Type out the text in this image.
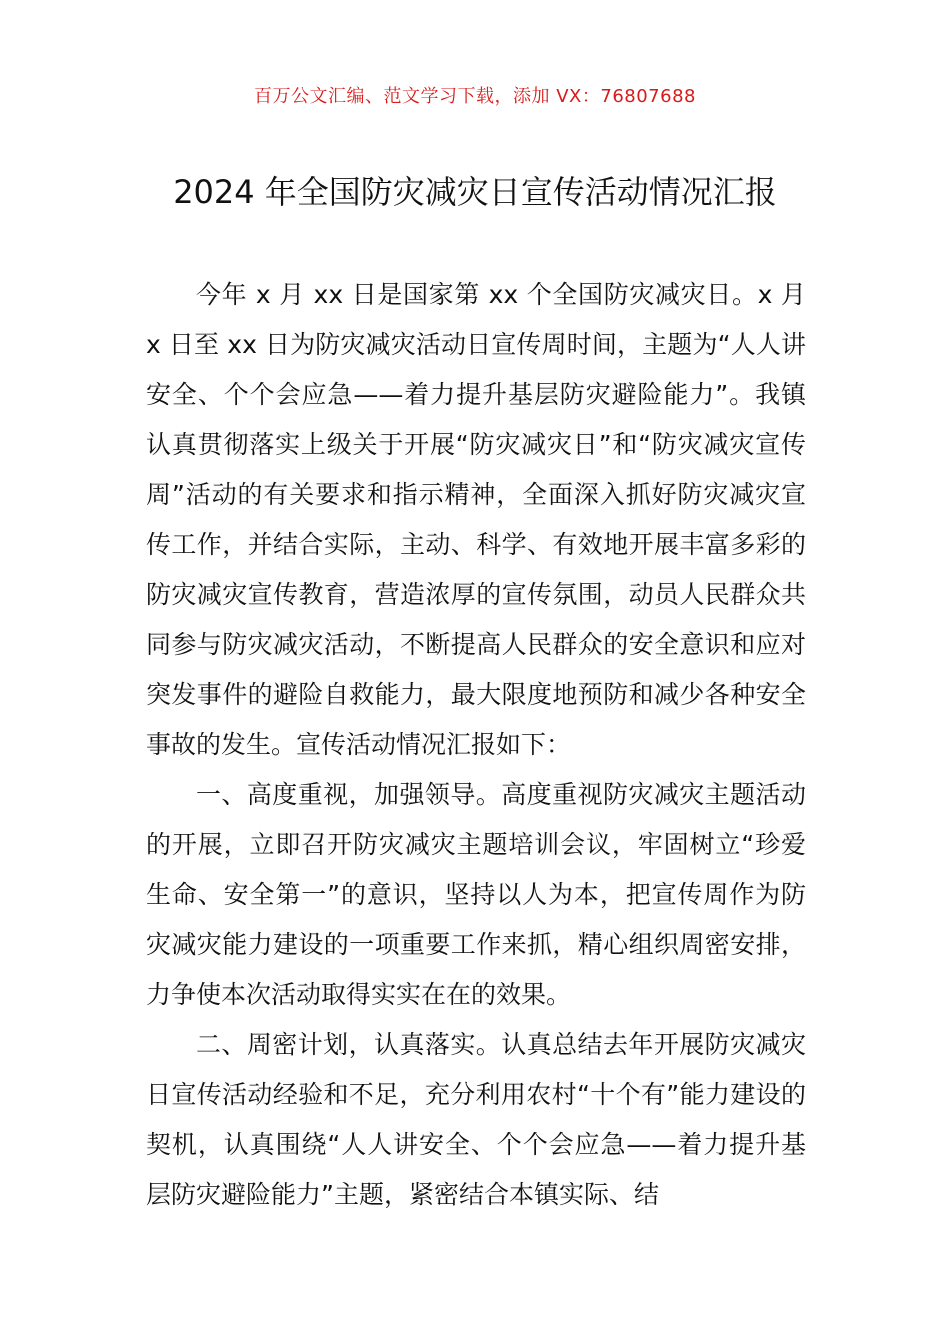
百万公文汇编、范文学习下载，添加 VX：76807688
2024 年全国防灾减灾日宣传活动情况汇报

今年 x 月 xx 日是国家第 xx 个全国防灾减灾日。x 月 x 日至 xx 日为防灾减灾活动日宣传周时间，主题为“人人讲安全、个个会应急——着力提升基层防灾避险能力”。我镇认真贯彻落实上级关于开展“防灾减灾日”和“防灾减灾宣传周”活动的有关要求和指示精神，全面深入抓好防灾减灾宣传工作，并结合实际，主动、科学、有效地开展丰富多彩的防灾减灾宣传教育，营造浓厚的宣传氛围，动员人民群众共同参与防灾减灾活动，不断提高人民群众的安全意识和应对突发事件的避险自救能力，最大限度地预防和减少各种安全事故的发生。宣传活动情况汇报如下：

一、高度重视，加强领导。高度重视防灾减灾主题活动的开展，立即召开防灾减灾主题培训会议，牢固树立“珍爱生命、安全第一”的意识，坚持以人为本，把宣传周作为防灾减灾能力建设的一项重要工作来抓，精心组织周密安排，力争使本次活动取得实实在在的效果。

二、周密计划，认真落实。认真总结去年开展防灾减灾日宣传活动经验和不足，充分利用农村“十个有”能力建设的契机，认真围绕“人人讲安全、个个会应急——着力提升基层防灾避险能力”主题，紧密结合本镇实际、结
